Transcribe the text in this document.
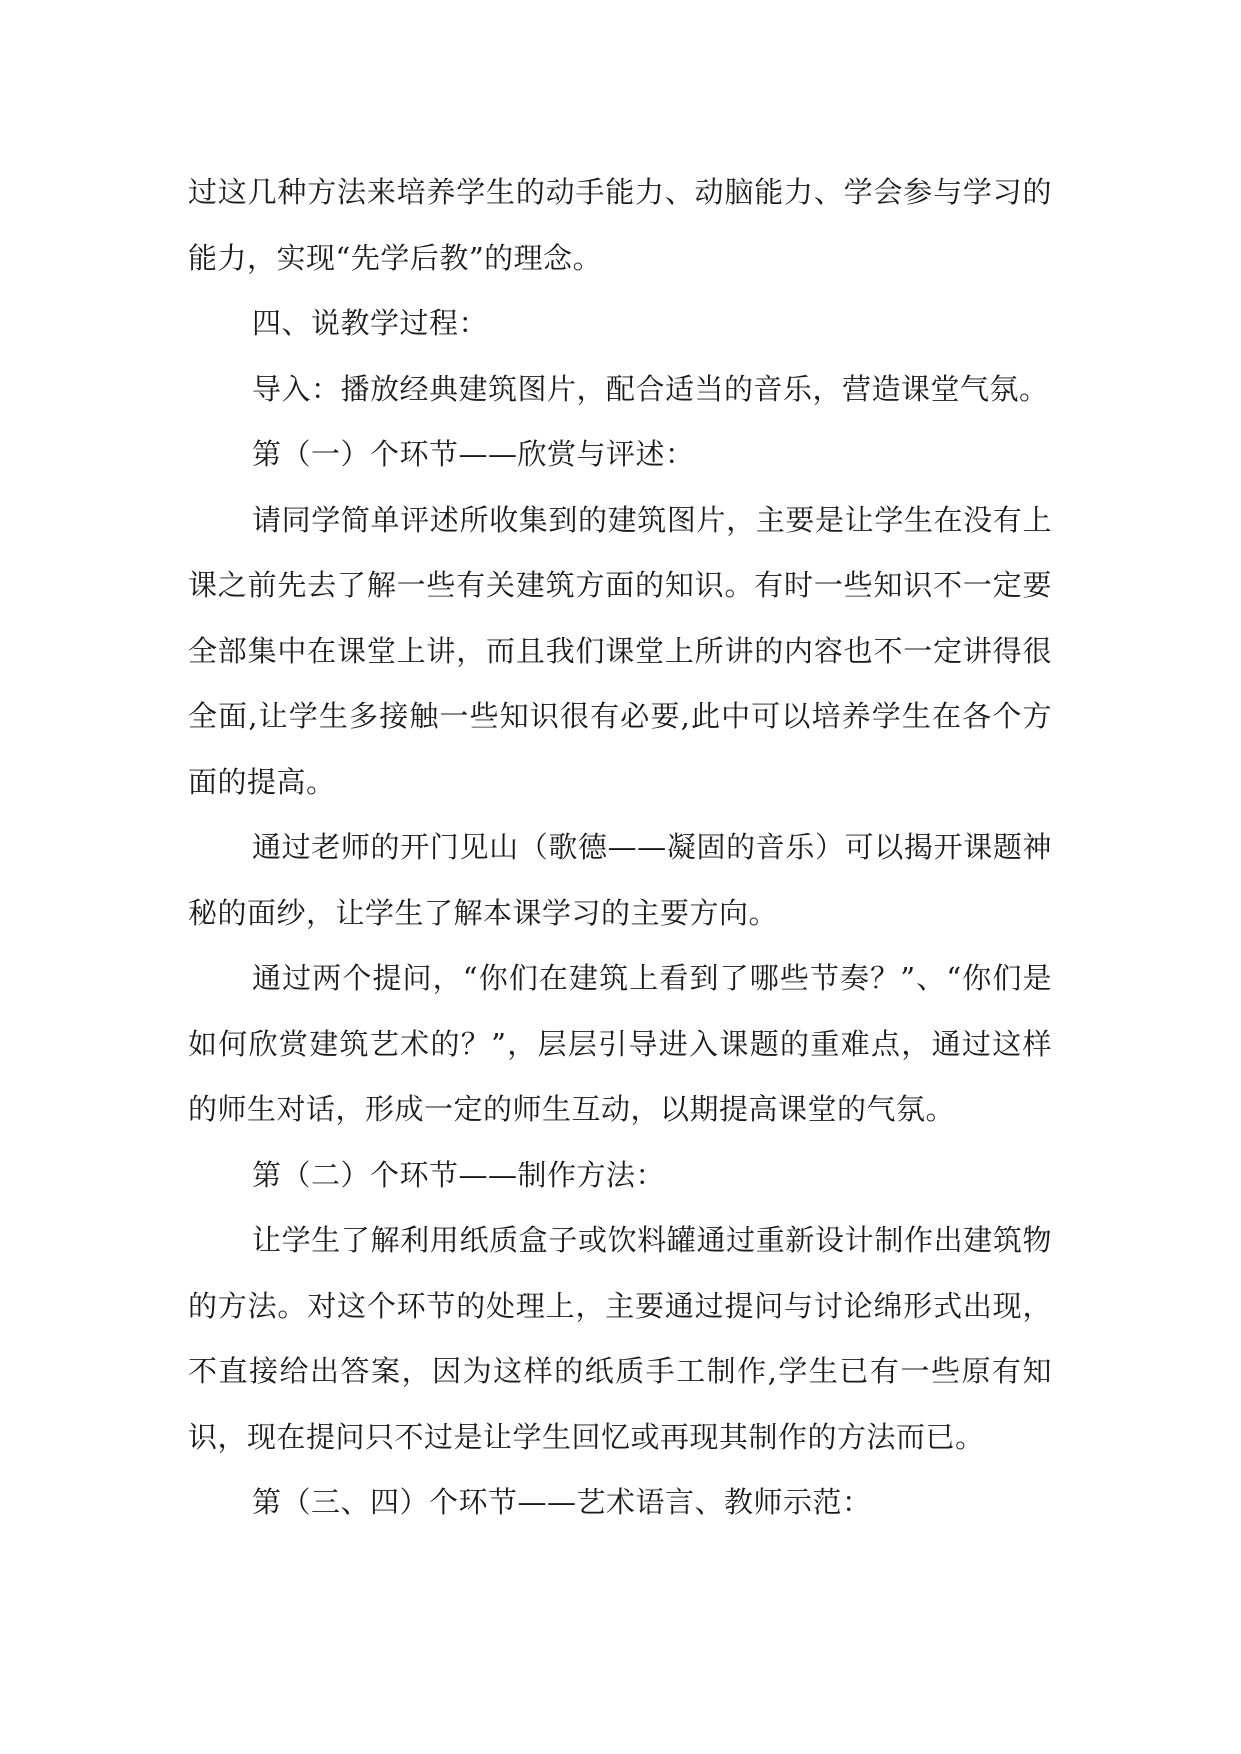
过这几种方法来培养学生的动手能力、动脑能力、学会参与学习的能力，实现“先学后教”的理念。

四、说教学过程：

导入：播放经典建筑图片，配合适当的音乐，营造课堂气氛。

第（一）个环节——欣赏与评述：

请同学简单评述所收集到的建筑图片，主要是让学生在没有上课之前先去了解一些有关建筑方面的知识。有时一些知识不一定要全部集中在课堂上讲，而且我们课堂上所讲的内容也不一定讲得很全面,让学生多接触一些知识很有必要,此中可以培养学生在各个方面的提高。

通过老师的开门见山（歌德——凝固的音乐）可以揭开课题神秘的面纱，让学生了解本课学习的主要方向。

通过两个提问，“你们在建筑上看到了哪些节奏？”、“你们是如何欣赏建筑艺术的？”，层层引导进入课题的重难点，通过这样的师生对话，形成一定的师生互动，以期提高课堂的气氛。

第（二）个环节——制作方法：

让学生了解利用纸质盒子或饮料罐通过重新设计制作出建筑物的方法。对这个环节的处理上，主要通过提问与讨论绵形式出现，不直接给出答案，因为这样的纸质手工制作,学生已有一些原有知识，现在提问只不过是让学生回忆或再现其制作的方法而已。

第（三、四）个环节——艺术语言、教师示范：
